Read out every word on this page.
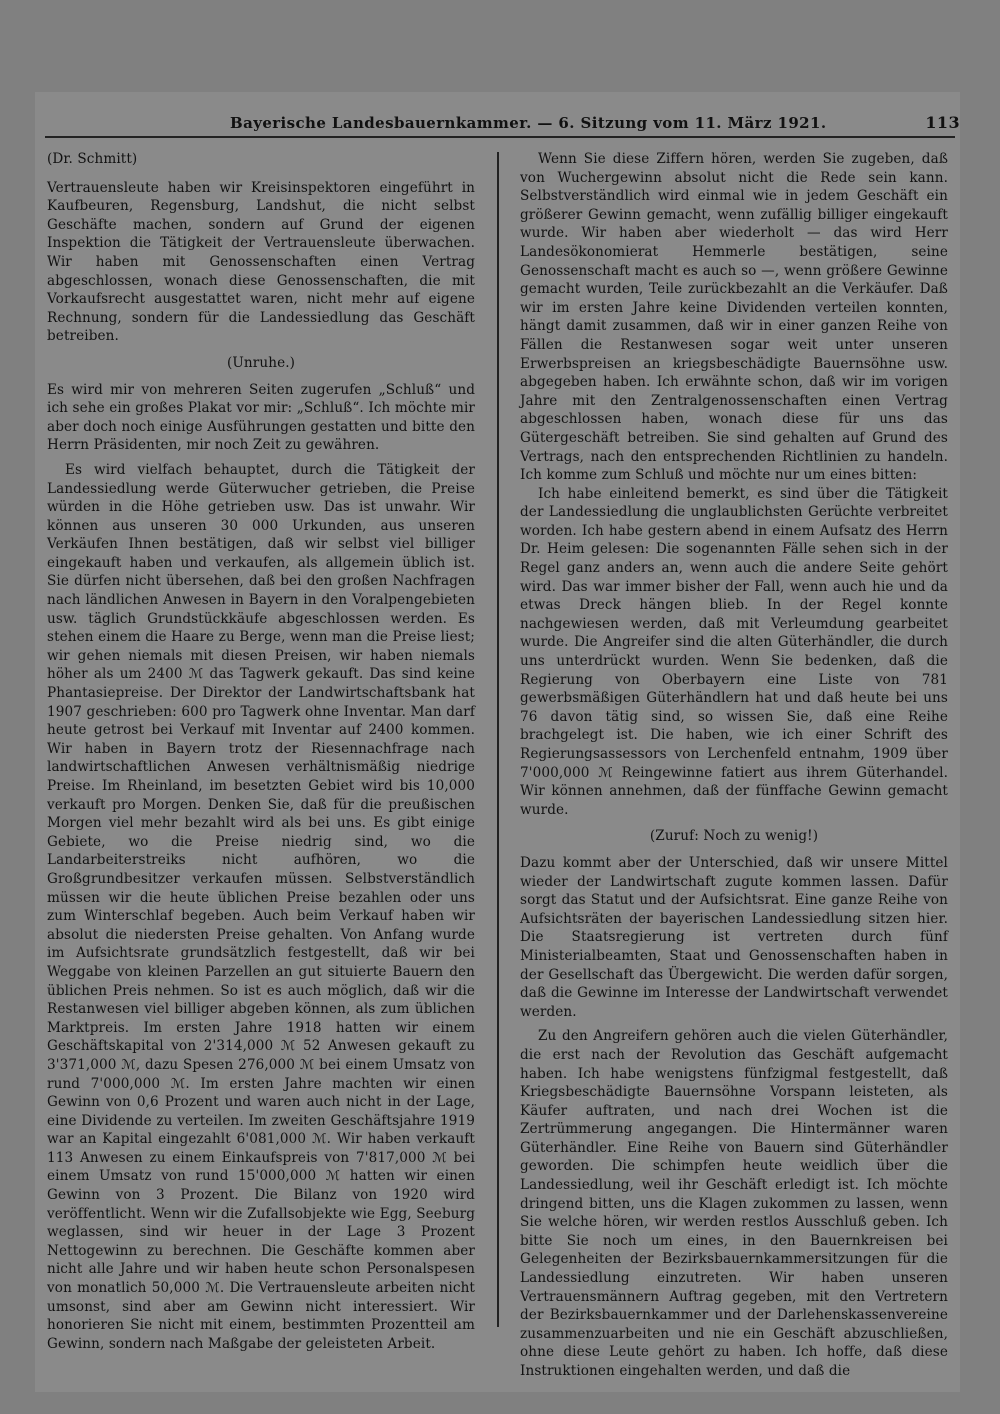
Bayerische Landesbauernkammer. — 6. Sitzung vom 11. März 1921.	113

(Dr. Schmitt)

Vertrauensleute haben wir Kreisinspektoren eingeführt in Kaufbeuren, Regensburg, Landshut, die nicht selbst Geschäfte machen, sondern auf Grund der eigenen Inspektion die Tätigkeit der Vertrauensleute überwachen. Wir haben mit Genossenschaften einen Vertrag abgeschlossen, wonach diese Genossenschaften, die mit Vorkaufsrecht ausgestattet waren, nicht mehr auf eigene Rechnung, sondern für die Landessiedlung das Geschäft betreiben.

(Unruhe.)

Es wird mir von mehreren Seiten zugerufen „Schluß“ und ich sehe ein großes Plakat vor mir: „Schluß“. Ich möchte mir aber doch noch einige Ausführungen gestatten und bitte den Herrn Präsidenten, mir noch Zeit zu gewähren.

Es wird vielfach behauptet, durch die Tätigkeit der Landessiedlung werde Güterwucher getrieben, die Preise würden in die Höhe getrieben usw. Das ist unwahr. Wir können aus unseren 30 000 Urkunden, aus unseren Verkäufen Ihnen bestätigen, daß wir selbst viel billiger eingekauft haben und verkaufen, als allgemein üblich ist. Sie dürfen nicht übersehen, daß bei den großen Nachfragen nach ländlichen Anwesen in Bayern in den Voralpengebieten usw. täglich Grundstückkäufe abgeschlossen werden. Es stehen einem die Haare zu Berge, wenn man die Preise liest; wir gehen niemals mit diesen Preisen, wir haben niemals höher als um 2400 ℳ das Tagwerk gekauft. Das sind keine Phantasiepreise. Der Direktor der Landwirtschaftsbank hat 1907 geschrieben: 600 pro Tagwerk ohne Inventar. Man darf heute getrost bei Verkauf mit Inventar auf 2400 kommen. Wir haben in Bayern trotz der Riesennachfrage nach landwirtschaftlichen Anwesen verhältnismäßig niedrige Preise. Im Rheinland, im besetzten Gebiet wird bis 10,000 verkauft pro Morgen. Denken Sie, daß für die preußischen Morgen viel mehr bezahlt wird als bei uns. Es gibt einige Gebiete, wo die Preise niedrig sind, wo die Landarbeiterstreiks nicht aufhören, wo die Großgrundbesitzer verkaufen müssen. Selbstverständlich müssen wir die heute üblichen Preise bezahlen oder uns zum Winterschlaf begeben. Auch beim Verkauf haben wir absolut die niedersten Preise gehalten. Von Anfang wurde im Aufsichtsrate grundsätzlich festgestellt, daß wir bei Weggabe von kleinen Parzellen an gut situierte Bauern den üblichen Preis nehmen. So ist es auch möglich, daß wir die Restanwesen viel billiger abgeben können, als zum üblichen Marktpreis. Im ersten Jahre 1918 hatten wir einem Geschäftskapital von 2'314,000 ℳ 52 Anwesen gekauft zu 3'371,000 ℳ, dazu Spesen 276,000 ℳ bei einem Umsatz von rund 7'000,000 ℳ. Im ersten Jahre machten wir einen Gewinn von 0,6 Prozent und waren auch nicht in der Lage, eine Dividende zu verteilen. Im zweiten Geschäftsjahre 1919 war an Kapital eingezahlt 6'081,000 ℳ. Wir haben verkauft 113 Anwesen zu einem Einkaufspreis von 7'817,000 ℳ bei einem Umsatz von rund 15'000,000 ℳ hatten wir einen Gewinn von 3 Prozent. Die Bilanz von 1920 wird veröffentlicht. Wenn wir die Zufallsobjekte wie Egg, Seeburg weglassen, sind wir heuer in der Lage 3 Prozent Nettogewinn zu berechnen. Die Geschäfte kommen aber nicht alle Jahre und wir haben heute schon Personalspesen von monatlich 50,000 ℳ. Die Vertrauensleute arbeiten nicht umsonst, sind aber am Gewinn nicht interessiert. Wir honorieren Sie nicht mit einem, bestimmten Prozentteil am Gewinn, sondern nach Maßgabe der geleisteten Arbeit.

Wenn Sie diese Ziffern hören, werden Sie zugeben, daß von Wuchergewinn absolut nicht die Rede sein kann. Selbstverständlich wird einmal wie in jedem Geschäft ein größerer Gewinn gemacht, wenn zufällig billiger eingekauft wurde. Wir haben aber wiederholt — das wird Herr Landesökonomierat Hemmerle bestätigen, seine Genossenschaft macht es auch so —, wenn größere Gewinne gemacht wurden, Teile zurückbezahlt an die Verkäufer. Daß wir im ersten Jahre keine Dividenden verteilen konnten, hängt damit zusammen, daß wir in einer ganzen Reihe von Fällen die Restanwesen sogar weit unter unseren Erwerbspreisen an kriegsbeschädigte Bauernsöhne usw. abgegeben haben. Ich erwähnte schon, daß wir im vorigen Jahre mit den Zentralgenossenschaften einen Vertrag abgeschlossen haben, wonach diese für uns das Gütergeschäft betreiben. Sie sind gehalten auf Grund des Vertrags, nach den entsprechenden Richtlinien zu handeln. Ich komme zum Schluß und möchte nur um eines bitten:

Ich habe einleitend bemerkt, es sind über die Tätigkeit der Landessiedlung die unglaublichsten Gerüchte verbreitet worden. Ich habe gestern abend in einem Aufsatz des Herrn Dr. Heim gelesen: Die sogenannten Fälle sehen sich in der Regel ganz anders an, wenn auch die andere Seite gehört wird. Das war immer bisher der Fall, wenn auch hie und da etwas Dreck hängen blieb. In der Regel konnte nachgewiesen werden, daß mit Verleumdung gearbeitet wurde. Die Angreifer sind die alten Güterhändler, die durch uns unterdrückt wurden. Wenn Sie bedenken, daß die Regierung von Oberbayern eine Liste von 781 gewerbsmäßigen Güterhändlern hat und daß heute bei uns 76 davon tätig sind, so wissen Sie, daß eine Reihe brachgelegt ist. Die haben, wie ich einer Schrift des Regierungsassessors von Lerchenfeld entnahm, 1909 über 7'000,000 ℳ Reingewinne fatiert aus ihrem Güterhandel. Wir können annehmen, daß der fünffache Gewinn gemacht wurde.

(Zuruf: Noch zu wenig!)

Dazu kommt aber der Unterschied, daß wir unsere Mittel wieder der Landwirtschaft zugute kommen lassen. Dafür sorgt das Statut und der Aufsichtsrat. Eine ganze Reihe von Aufsichtsräten der bayerischen Landessiedlung sitzen hier. Die Staatsregierung ist vertreten durch fünf Ministerialbeamten, Staat und Genossenschaften haben in der Gesellschaft das Übergewicht. Die werden dafür sorgen, daß die Gewinne im Interesse der Landwirtschaft verwendet werden.

Zu den Angreifern gehören auch die vielen Güterhändler, die erst nach der Revolution das Geschäft aufgemacht haben. Ich habe wenigstens fünfzigmal festgestellt, daß Kriegsbeschädigte Bauernsöhne Vorspann leisteten, als Käufer auftraten, und nach drei Wochen ist die Zertrümmerung angegangen. Die Hintermänner waren Güterhändler. Eine Reihe von Bauern sind Güterhändler geworden. Die schimpfen heute weidlich über die Landessiedlung, weil ihr Geschäft erledigt ist. Ich möchte dringend bitten, uns die Klagen zukommen zu lassen, wenn Sie welche hören, wir werden restlos Ausschluß geben. Ich bitte Sie noch um eines, in den Bauernkreisen bei Gelegenheiten der Bezirksbauernkammersitzungen für die Landessiedlung einzutreten. Wir haben unseren Vertrauensmännern Auftrag gegeben, mit den Vertretern der Bezirksbauernkammer und der Darlehenskassenvereine zusammenzuarbeiten und nie ein Geschäft abzuschließen, ohne diese Leute gehört zu haben. Ich hoffe, daß diese Instruktionen eingehalten werden, und daß die
